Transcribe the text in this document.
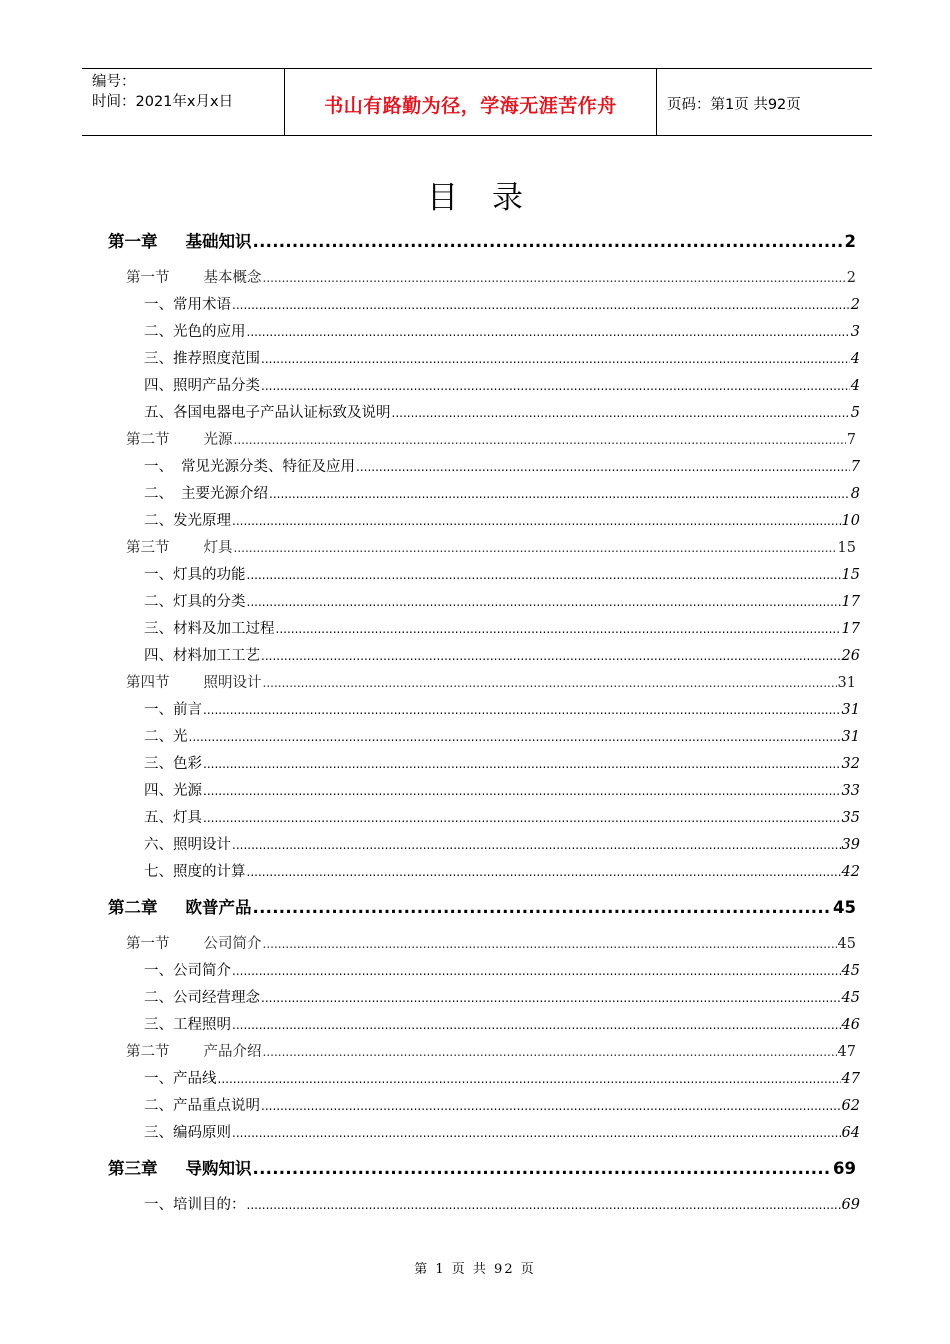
编号：
时间：2021年x月x日	书山有路勤为径，学海无涯苦作舟	页码：第1页 共92页
目录
第一章 基础知识 .....	2
第一节 基本概念 .....	2
一、常用术语 .....	2
二、光色的应用 .....	3
三、推荐照度范围 .....	4
四、照明产品分类 .....	4
五、各国电器电子产品认证标致及说明 .....	5
第二节 光源 .....	7
一、 常见光源分类、特征及应用 .....	7
二、 主要光源介绍 .....	8
二、发光原理 .....	10
第三节 灯具 .....	15
一、灯具的功能 .....	15
二、灯具的分类 .....	17
三、材料及加工过程 .....	17
四、材料加工工艺 .....	26
第四节 照明设计 .....	31
一、前言 .....	31
二、光 .....	31
三、色彩 .....	32
四、光源 .....	33
五、灯具 .....	35
六、照明设计 .....	39
七、照度的计算 .....	42
第二章 欧普产品 .....	45
第一节 公司简介 .....	45
一、公司简介 .....	45
二、公司经营理念 .....	45
三、工程照明 .....	46
第二节 产品介绍 .....	47
一、产品线 .....	47
二、产品重点说明 .....	62
三、编码原则 .....	64
第三章 导购知识 .....	69
一、培训目的： .....	69
第 1 页 共 92 页
